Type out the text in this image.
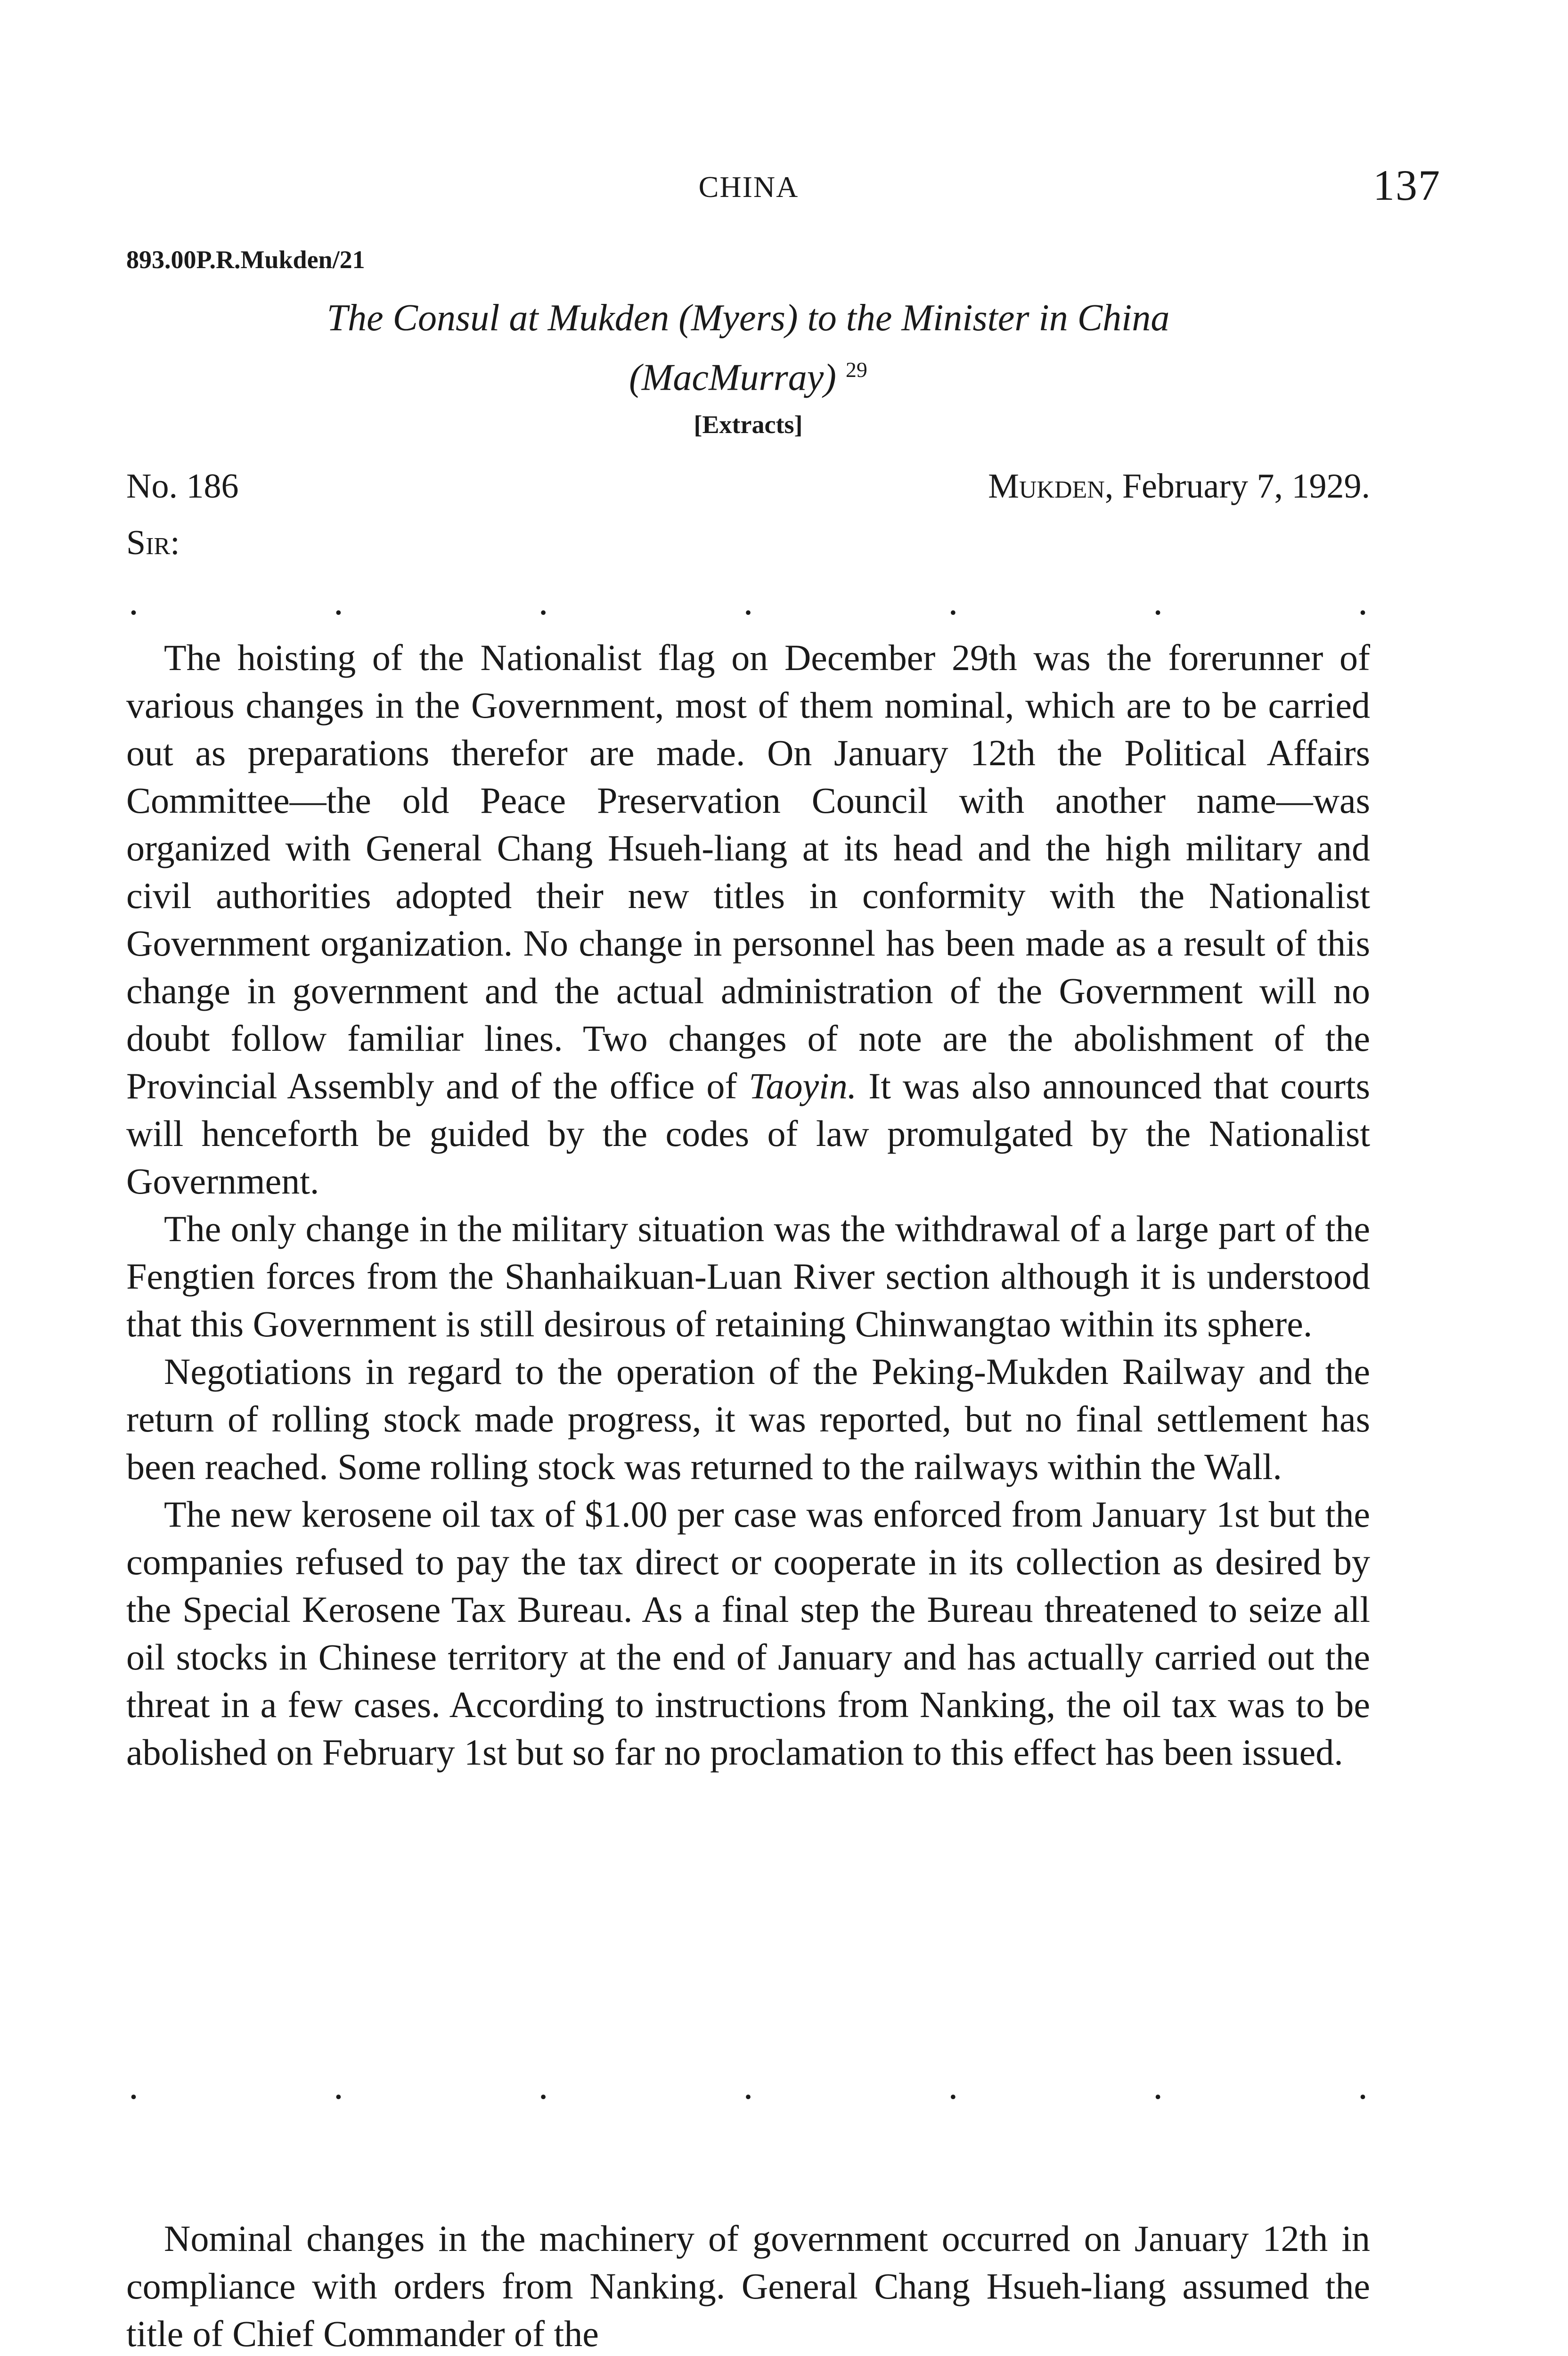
CHINA	137
893.00P.R.Mukden/21
The Consul at Mukden (Myers) to the Minister in China
(MacMurray) $^{29}$
[Extracts]
No. 186	Mukden, February 7, 1929.
Sir:
.	.	.	.	.	.	.

The hoisting of the Nationalist flag on December 29th was the forerunner of various changes in the Government, most of them nominal, which are to be carried out as preparations therefor are made. On January 12th the Political Affairs Committee—the old Peace Preservation Council with another name—was organized with General Chang Hsueh-liang at its head and the high military and civil authorities adopted their new titles in conformity with the Nationalist Government organization. No change in personnel has been made as a result of this change in government and the actual administration of the Government will no doubt follow familiar lines. Two changes of note are the abolishment of the Provincial Assembly and of the office of Taoyin. It was also announced that courts will henceforth be guided by the codes of law promulgated by the Nationalist Government.

The only change in the military situation was the withdrawal of a large part of the Fengtien forces from the Shanhaikuan-Luan River section although it is understood that this Government is still desirous of retaining Chinwangtao within its sphere.

Negotiations in regard to the operation of the Peking-Mukden Railway and the return of rolling stock made progress, it was reported, but no final settlement has been reached. Some rolling stock was returned to the railways within the Wall.

The new kerosene oil tax of $1.00 per case was enforced from January 1st but the companies refused to pay the tax direct or cooperate in its collection as desired by the Special Kerosene Tax Bureau. As a final step the Bureau threatened to seize all oil stocks in Chinese territory at the end of January and has actually carried out the threat in a few cases. According to instructions from Nanking, the oil tax was to be abolished on February 1st but so far no proclamation to this effect has been issued.

.	.	.	.	.	.	.

Nominal changes in the machinery of government occurred on January 12th in compliance with orders from Nanking. General Chang Hsueh-liang assumed the title of Chief Commander of the
